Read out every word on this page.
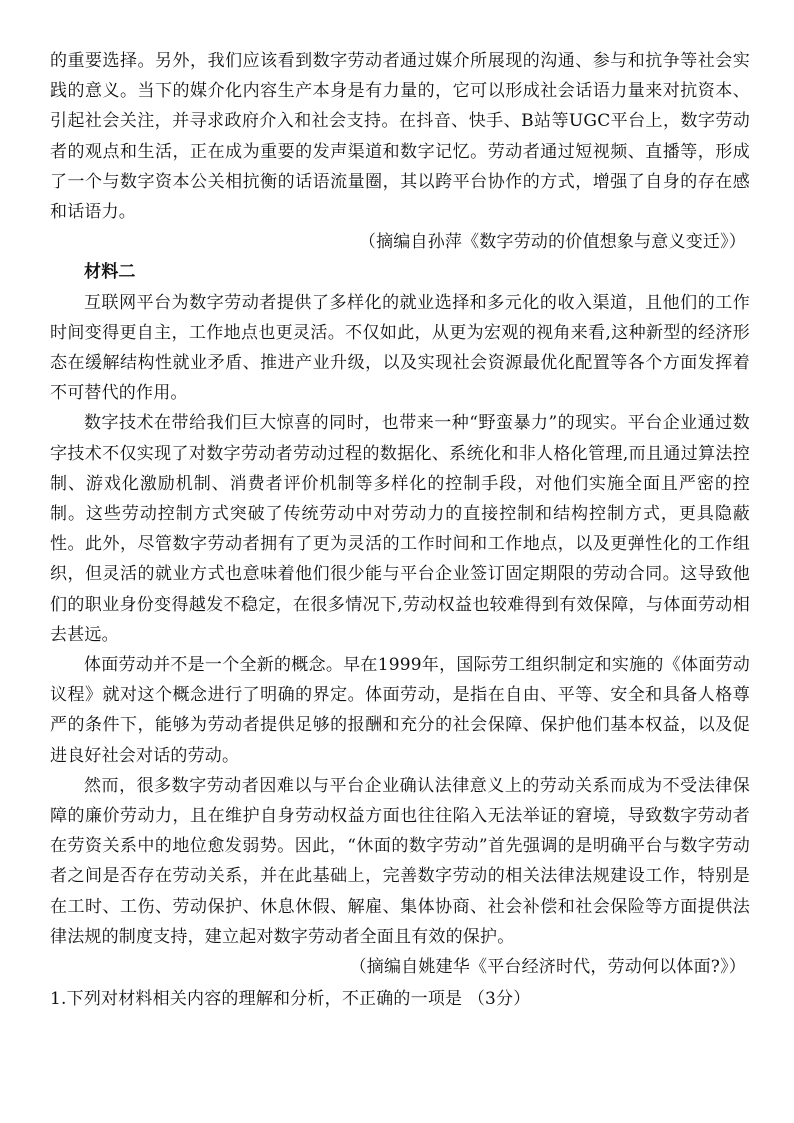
的重要选择。另外，我们应该看到数字劳动者通过媒介所展现的沟通、参与和抗争等社会实践的意义。当下的媒介化内容生产本身是有力量的，它可以形成社会话语力量来对抗资本、引起社会关注，并寻求政府介入和社会支持。在抖音、快手、B站等UGC平台上，数字劳动者的观点和生活，正在成为重要的发声渠道和数字记忆。劳动者通过短视频、直播等，形成了一个与数字资本公关相抗衡的话语流量圈，其以跨平台协作的方式，增强了自身的存在感和话语力。

（摘编自孙萍《数字劳动的价值想象与意义变迁》）

材料二

互联网平台为数字劳动者提供了多样化的就业选择和多元化的收入渠道，且他们的工作时间变得更自主，工作地点也更灵活。不仅如此，从更为宏观的视角来看,这种新型的经济形态在缓解结构性就业矛盾、推进产业升级，以及实现社会资源最优化配置等各个方面发挥着不可替代的作用。

数字技术在带给我们巨大惊喜的同时，也带来一种“野蛮暴力”的现实。平台企业通过数字技术不仅实现了对数字劳动者劳动过程的数据化、系统化和非人格化管理,而且通过算法控制、游戏化激励机制、消费者评价机制等多样化的控制手段，对他们实施全面且严密的控制。这些劳动控制方式突破了传统劳动中对劳动力的直接控制和结构控制方式，更具隐蔽性。此外，尽管数字劳动者拥有了更为灵活的工作时间和工作地点，以及更弹性化的工作组织，但灵活的就业方式也意味着他们很少能与平台企业签订固定期限的劳动合同。这导致他们的职业身份变得越发不稳定，在很多情况下,劳动权益也较难得到有效保障，与体面劳动相去甚远。

体面劳动并不是一个全新的概念。早在1999年，国际劳工组织制定和实施的《体面劳动议程》就对这个概念进行了明确的界定。体面劳动，是指在自由、平等、安全和具备人格尊严的条件下，能够为劳动者提供足够的报酬和充分的社会保障、保护他们基本权益，以及促进良好社会对话的劳动。

然而，很多数字劳动者因难以与平台企业确认法律意义上的劳动关系而成为不受法律保障的廉价劳动力，且在维护自身劳动权益方面也往往陷入无法举证的窘境，导致数字劳动者在劳资关系中的地位愈发弱势。因此，“休面的数字劳动”首先强调的是明确平台与数字劳动者之间是否存在劳动关系，并在此基础上，完善数字劳动的相关法律法规建设工作，特别是在工时、工伤、劳动保护、休息休假、解雇、集体协商、社会补偿和社会保险等方面提供法律法规的制度支持，建立起对数字劳动者全面且有效的保护。

（摘编自姚建华《平台经济时代，劳动何以体面?》）

1.下列对材料相关内容的理解和分析，不正确的一项是 （3分）
